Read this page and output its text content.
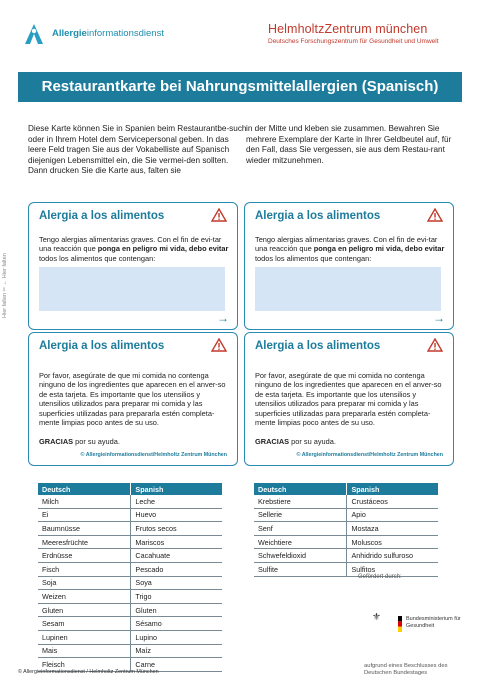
Allergieinformationsdienst	HelmholtzZentrum münchen
Deutsches Forschungszentrum für Gesundheit und Umwelt
Restaurantkarte bei Nahrungsmittelallergien (Spanisch)
Diese Karte können Sie in Spanien beim Restaurantbe-such oder in Ihrem Hotel dem Servicepersonal geben. In das leere Feld tragen Sie aus der Vokabelliste auf Spanisch diejenigen Lebensmittel ein, die Sie vermei-den sollten. Dann drucken Sie die Karte aus, falten sie
in der Mitte und kleben sie zusammen. Bewahren Sie mehrere Exemplare der Karte in Ihrer Geldbeutel auf, für den Fall, dass Sie vergessen, sie aus dem Restau-rant wieder mitzunehmen.
Hier falten ✂ ← Hier falten
Alergia a los alimentos
Tengo alergias alimentarias graves. Con el fin de evi-tar una reacción que ponga en peligro mi vida, debo evitar todos los alimentos que contengan:
→
Alergia a los alimentos
Tengo alergias alimentarias graves. Con el fin de evi-tar una reacción que ponga en peligro mi vida, debo evitar todos los alimentos que contengan:
→
Alergia a los alimentos
Por favor, asegúrate de que mi comida no contenga ninguno de los ingredientes que aparecen en el anver-so de esta tarjeta. Es importante que los utensilios y utensilios utilizados para preparar mi comida y las superficies utilizadas para prepararla estén completa-mente limpias poco antes de su uso.
GRACIAS por su ayuda.
© Allergieinformationsdienst/Helmholtz Zentrum München
Alergia a los alimentos
Por favor, asegúrate de que mi comida no contenga ninguno de los ingredientes que aparecen en el anver-so de esta tarjeta. Es importante que los utensilios y utensilios utilizados para preparar mi comida y las superficies utilizadas para prepararla estén completa-mente limpias poco antes de su uso.
GRACIAS por su ayuda.
© Allergieinformationsdienst/Helmholtz Zentrum München
Deutsch	Spanish
Milch	Leche
Ei	Huevo
Baumnüsse	Frutos secos
Meeresfrüchte	Mariscos
Erdnüsse	Cacahuate
Fisch	Pescado
Soja	Soya
Weizen	Trigo
Gluten	Gluten
Sesam	Sésamo
Lupinen	Lupino
Mais	Maíz
Fleisch	Carne
Deutsch	Spanish
Krebstiere	Crustáceos
Sellerie	Apio
Senf	Mostaza
Weichtiere	Moluscos
Schwefeldioxid	Anhidrido sulfuroso
Sulfite	Sulfitos
© Allergieinformationsdienst / Helmholtz Zentrum München
Gefördert durch:
⚜	Bundesministerium für Gesundheit
aufgrund eines Beschlusses des Deutschen Bundestages
